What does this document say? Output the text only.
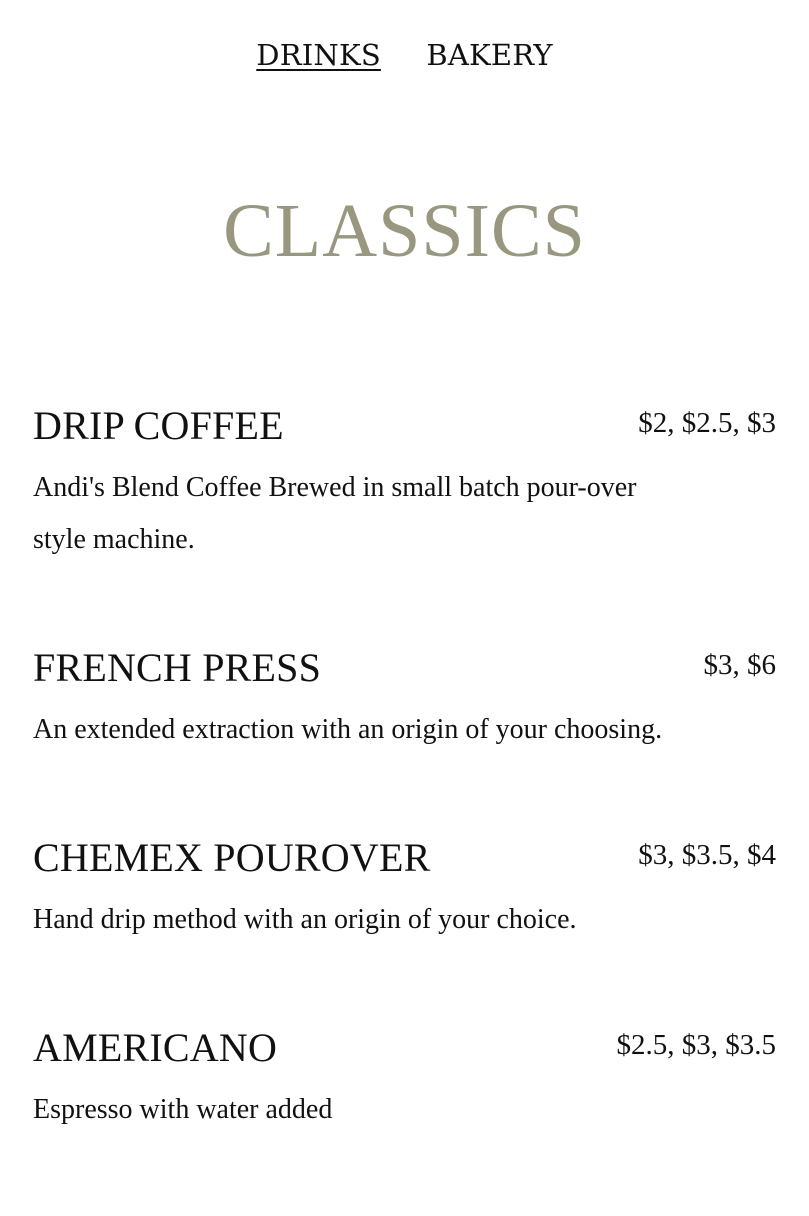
DRINKS BAKERY
CLASSICS
DRIP COFFEE	$2, $2.5, $3
Andi's Blend Coffee Brewed in small batch pour-over style machine.
FRENCH PRESS	$3, $6
An extended extraction with an origin of your choosing.
CHEMEX POUROVER	$3, $3.5, $4
Hand drip method with an origin of your choice.
AMERICANO	$2.5, $3, $3.5
Espresso with water added
